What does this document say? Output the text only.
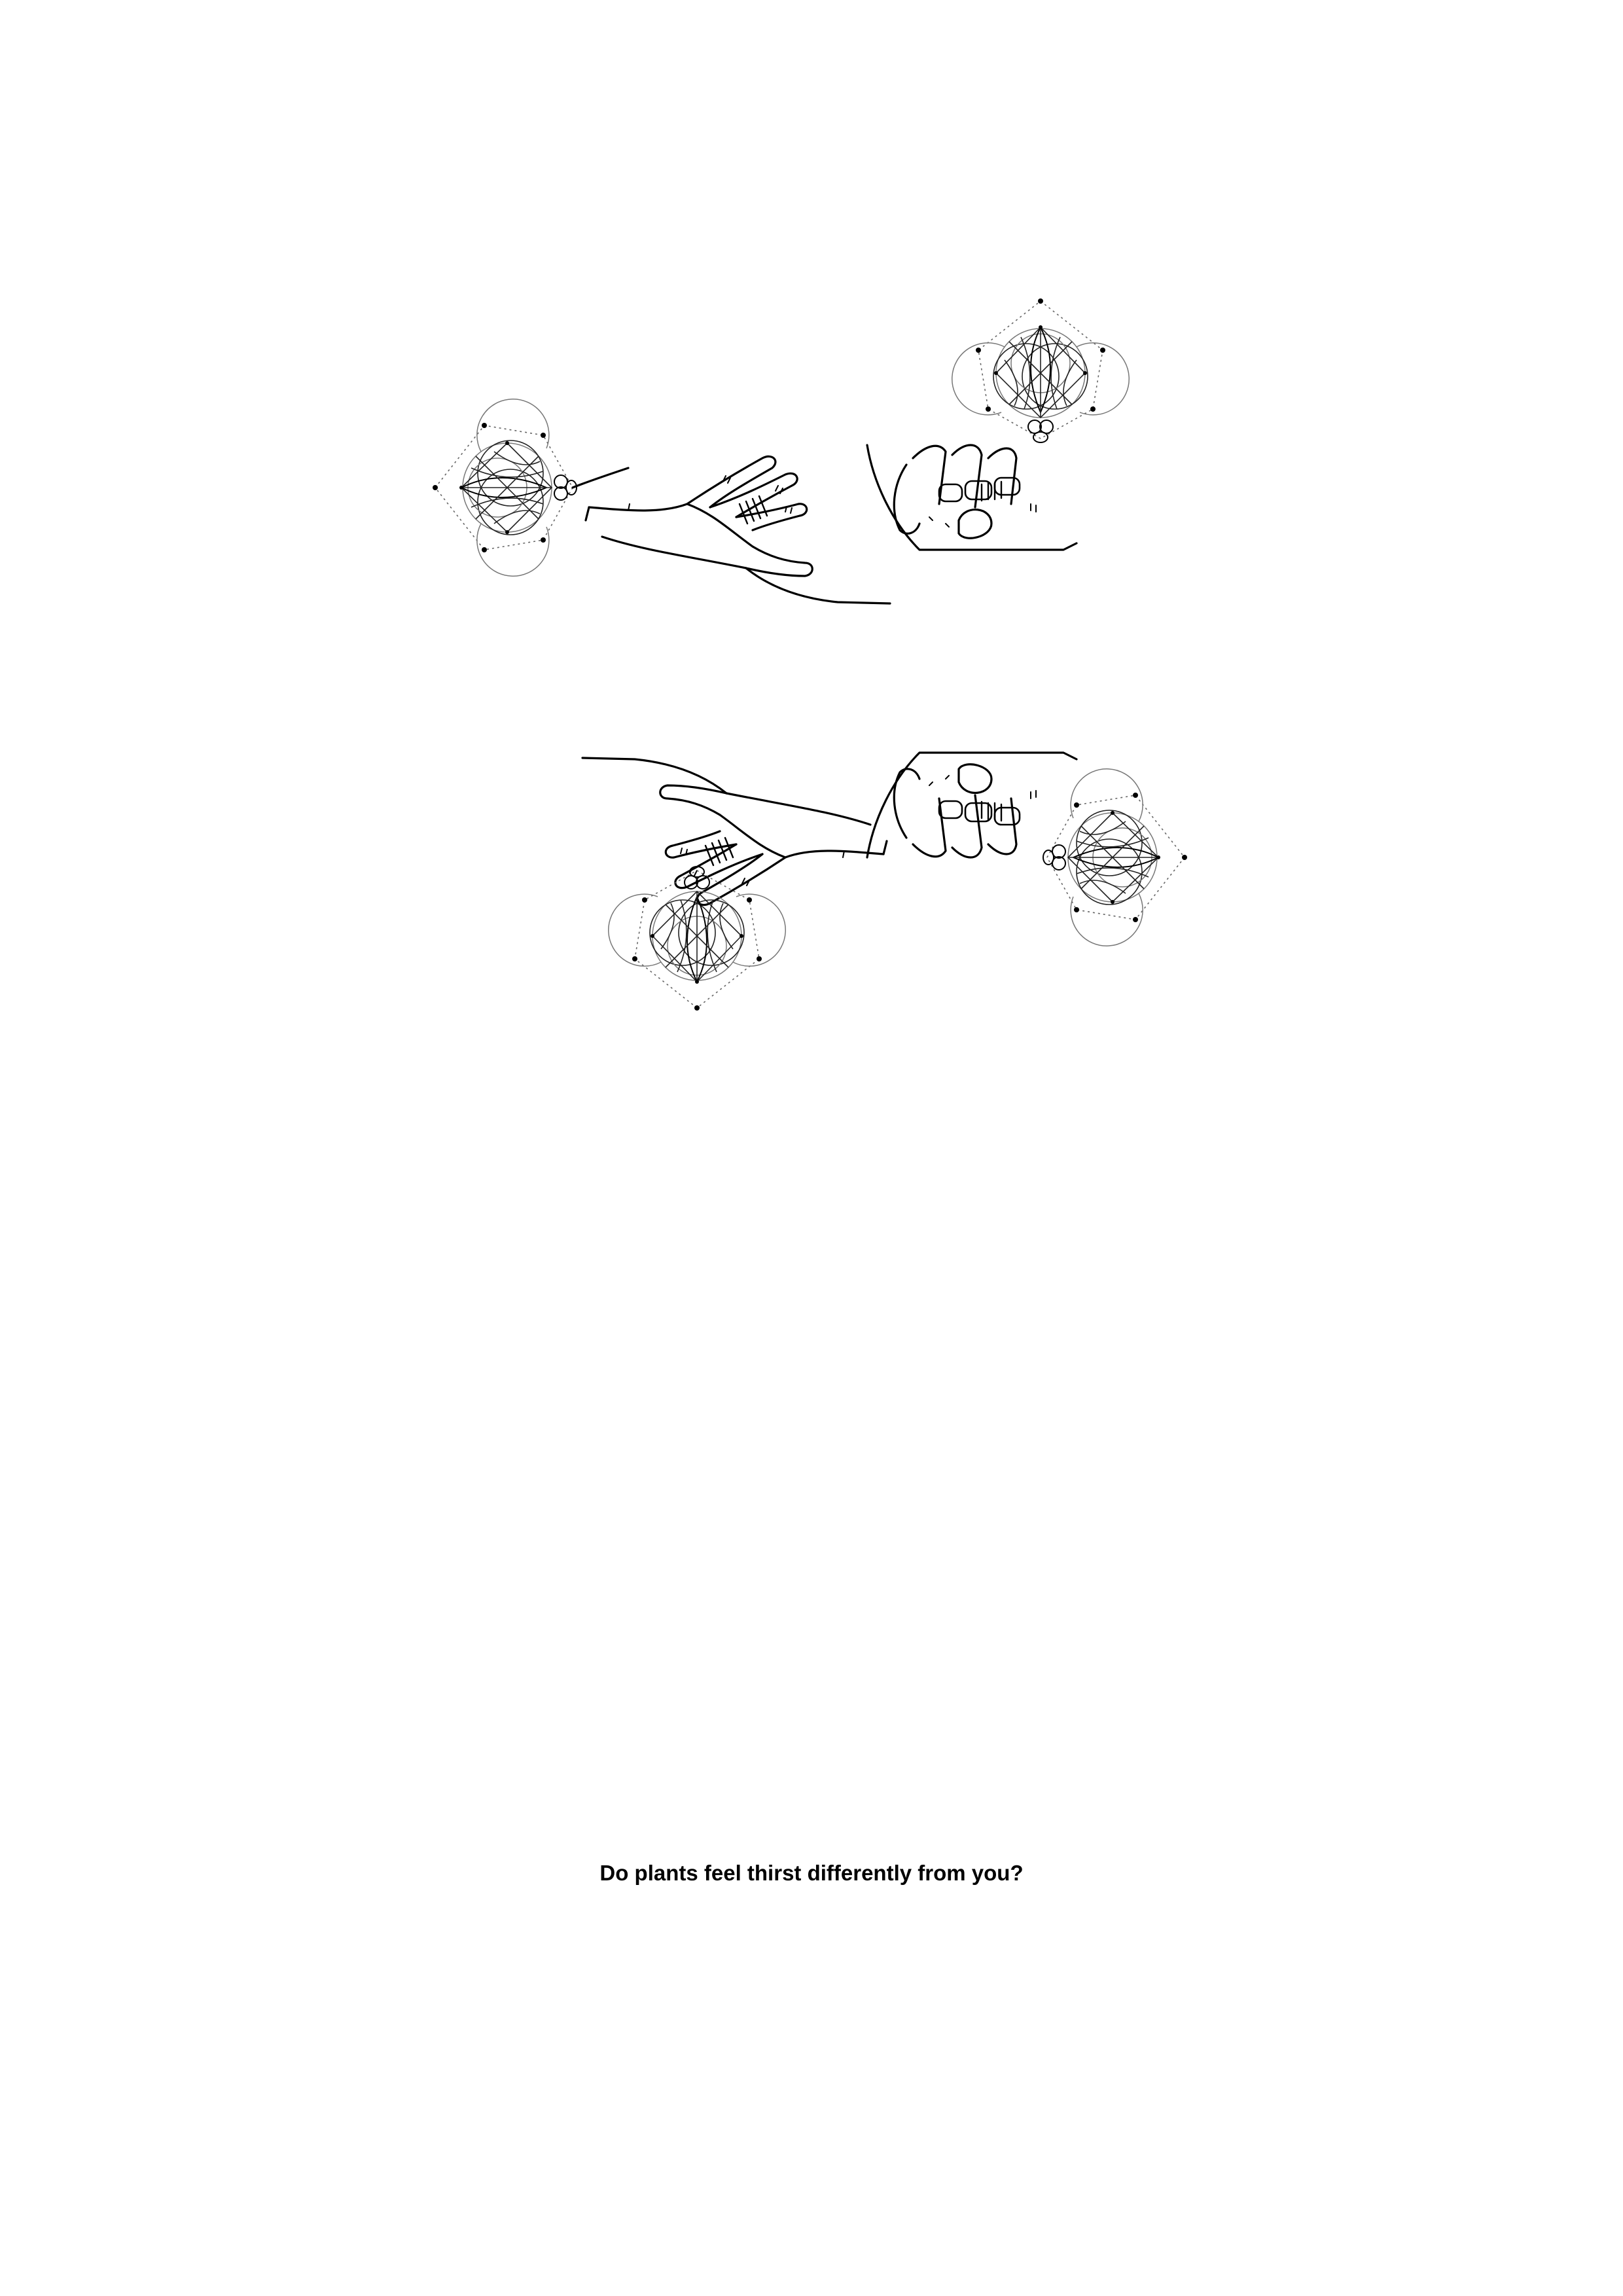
Do plants feel thirst differently from you?
